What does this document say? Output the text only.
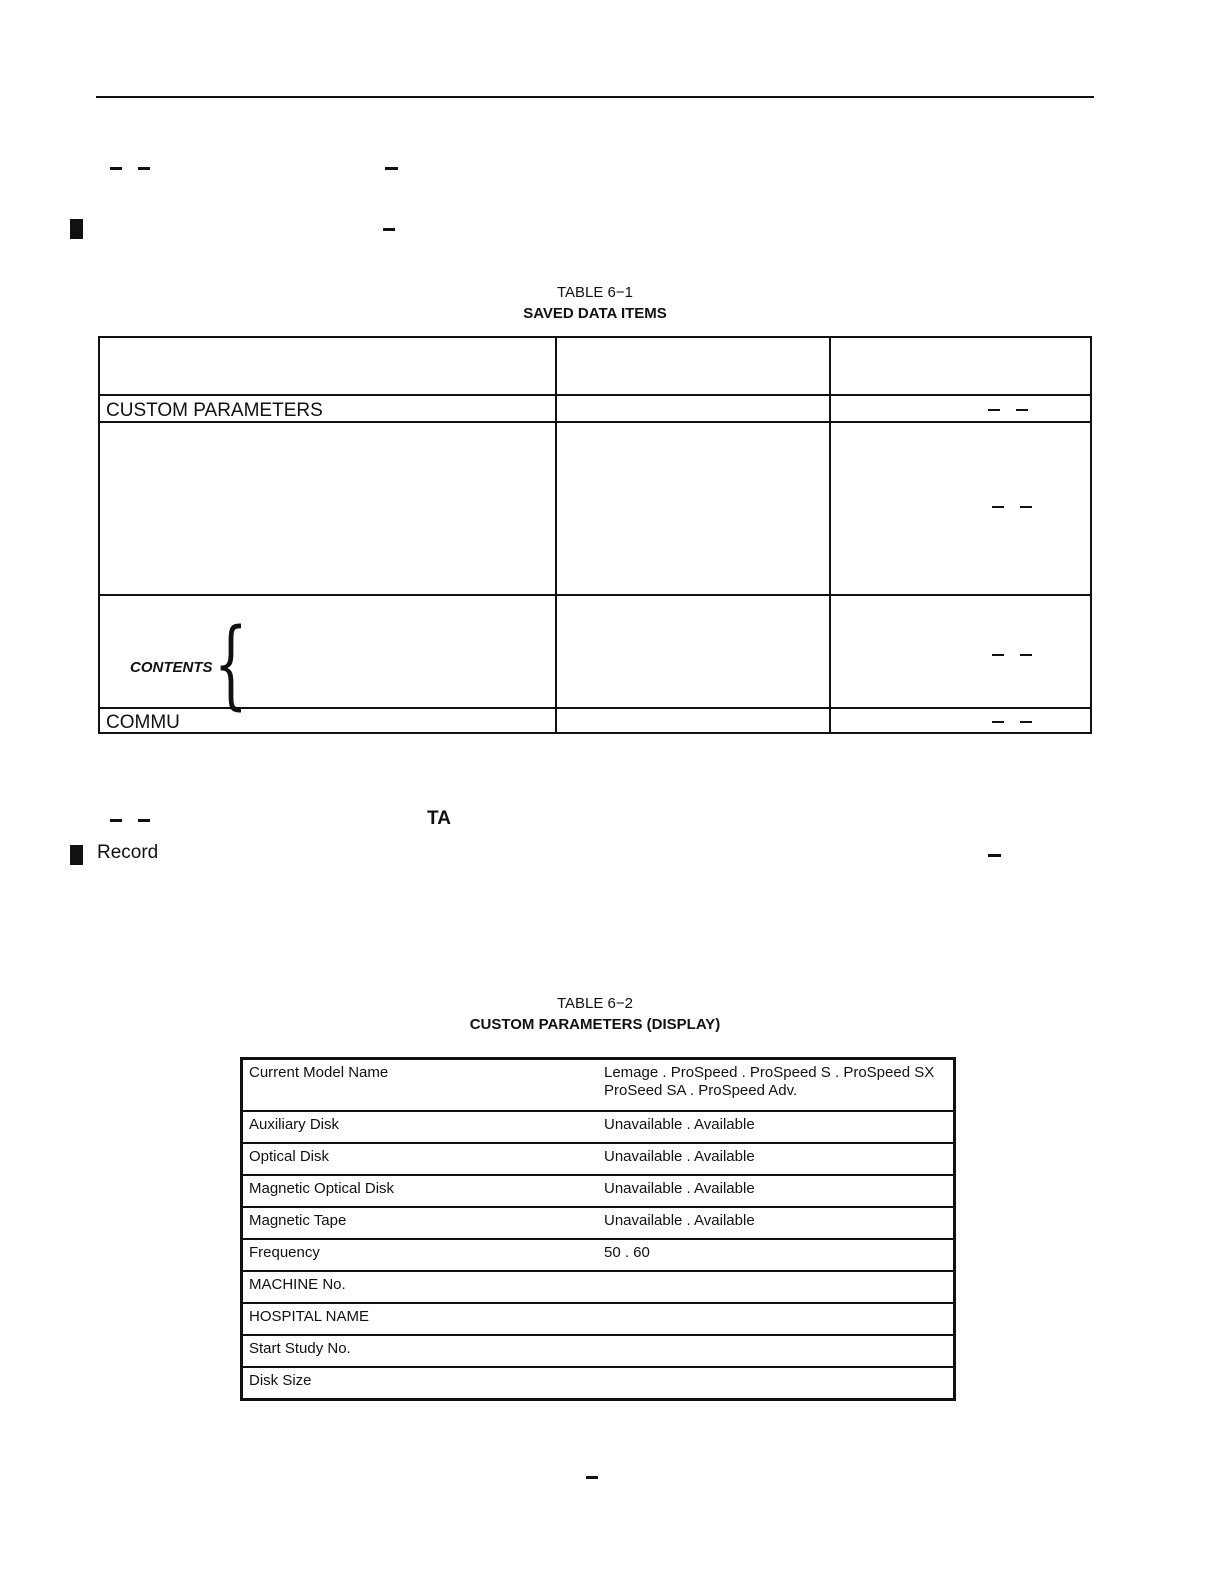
TABLE 6−1
SAVED DATA ITEMS
CUSTOM PARAMETERS
COMMU
CONTENTS {
TA
Record
TABLE 6−2
CUSTOM PARAMETERS (DISPLAY)
Current Model Name	Lemage . ProSpeed . ProSpeed S . ProSpeed SX
ProSeed SA . ProSpeed Adv.
Auxiliary Disk	Unavailable . Available
Optical Disk	Unavailable . Available
Magnetic Optical Disk	Unavailable . Available
Magnetic Tape	Unavailable . Available
Frequency	50 . 60
MACHINE No.
HOSPITAL NAME
Start Study No.
Disk Size
